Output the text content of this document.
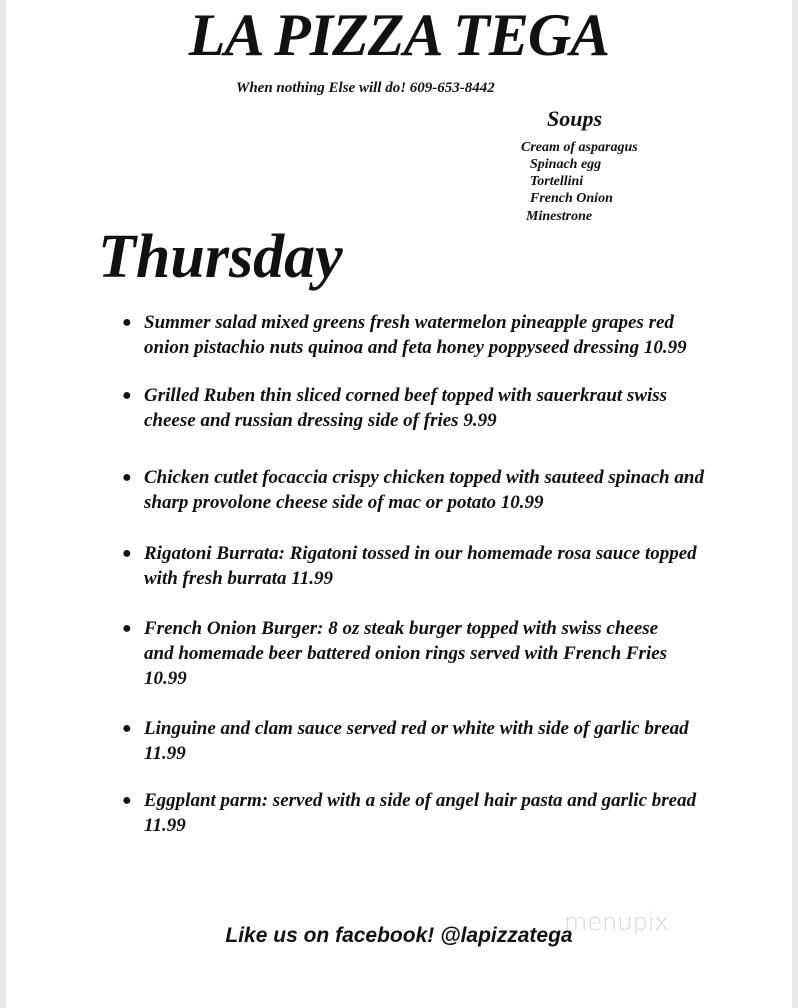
LA PIZZA TEGA
When nothing Else will do! 609-653-8442
Soups
Cream of asparagus
Spinach egg
Tortellini
French Onion
Minestrone
Thursday
● Summer salad mixed greens fresh watermelon pineapple grapes red onion pistachio nuts quinoa and feta honey poppyseed dressing 10.99
● Grilled Ruben thin sliced corned beef topped with sauerkraut swiss cheese and russian dressing side of fries 9.99
● Chicken cutlet focaccia crispy chicken topped with sauteed spinach and sharp provolone cheese side of mac or potato 10.99
● Rigatoni Burrata: Rigatoni tossed in our homemade rosa sauce topped with fresh burrata 11.99
● French Onion Burger: 8 oz steak burger topped with swiss cheese and homemade beer battered onion rings served with French Fries 10.99
● Linguine and clam sauce served red or white with side of garlic bread 11.99
● Eggplant parm: served with a side of angel hair pasta and garlic bread 11.99
menupix
Like us on facebook! @lapizzatega
